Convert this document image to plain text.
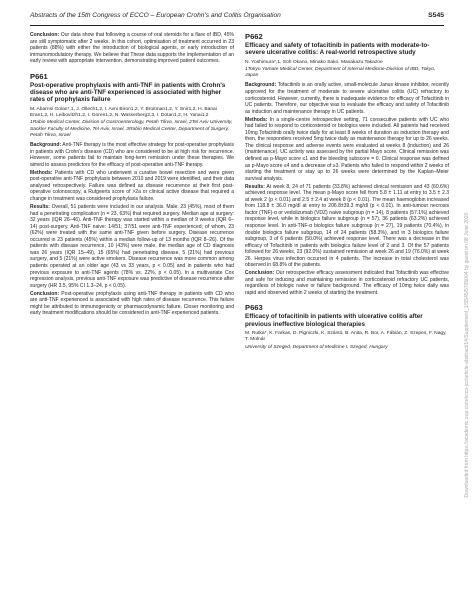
Abstracts of the 15th Congress of ECCO – European Crohn's and Colitis Organisation	S545

Conclusion: Our data show that following a course of oral steroids for a flare of IBD, 45% are still symptomatic after 2 weeks. In this cohort, optimisation of treatment occurred in 23 patients (88%) with either the introduction of biological agents, or early introduction of immunomodulatory therapy. We believe that These data supports the implementation of an early review with appropriate intervention, demonstrating improved patient outcomes.

P661
Post-operative prophylaxis with anti-TNF in patients with Crohn's disease who are anti-TNF experienced is associated with higher rates of prophylaxis failure
M. Abarnsi Golan*,1, J. Ollech1,2, I. Avni Biron1,2, Y. Broitman1,2, Y. Snir1,2, H. Banai Eran1,2, H. Leibovitzh1,2, I. Goren1,2, N. Wasserberg2,3, I. Dotan1,2, H. Yanai1,2
1Rabin Medical Center, Division of Gastroenterology, Petah Tikva, Israel, 2Tel Aviv University, Sackler Faculty of Medicine, Tel Aviv, Israel, 3Rabin Medical Center, Department of Surgery, Petah Tikva, Israel

Background: Anti-TNF therapy is the most effective strategy for post-operative prophylaxis in patients with Crohn's disease (CD) who are considered to be at high risk for recurrence. However, some patients fail to maintain long-term remission under these therapies. We aimed to assess predictors for the efficacy of post-operative anti-TNF therapy.

Methods: Patients with CD who underwent a curative bowel resection and were given post-operative anti-TNF prophylaxis between 2010 and 2019 were identified, and their data analysed retrospectively. Failure was defined as disease recurrence at their first post-operative colonoscopy, a Rutgeerts score of >2a or clinical active disease that required a change in treatment was considered prophylaxis failure.

Results: Overall, 51 patients were included in our analysis. Male: 23 (45%), most of them had a penetrating complication (n = 23, 63%) that required surgery. Median age at surgery: 32 years (IQR 26–46). Anti-TNF therapy was started within a median of 9 weeks (IQR 6–14) post-surgery. Anti-TNF naive: 14/51; 37/51 were anti-TNF experienced; of whom, 23 (62%) were treated with the same anti-TNF given before surgery. Disease recurrence occurred in 23 patients (45%) within a median follow-up of 13 months (IQR 8–26). Of the patients with disease recurrence, 10 (43%) were male, the median age of CD diagnosis was 26 years (IQR 15–49), 15 (65%) had penetrating disease, 5 (21%) had previous surgery, and 5 (21%) were active smokers. Disease recurrence was more common among patients operated at an older age (43 vs 33 years, p < 0.05) and in patients who had previous exposure to anti-TNF agents (78% vs. 22%, p < 0.05). In a multivariate Cox regression analysis, previous anti-TNF exposure was predictive of disease recurrence after surgery (HR 3.5, 95% CI 1.3–24, p < 0.05).

Conclusion: Post-operative prophylaxis using anti-TNF therapy in patients with CD who are anti-TNF experienced is associated with high rates of disease recurrence. This failure might be attributed to immunogenicity or pharmacodynamic failure. Closer monitoring and early treatment modifications should be considered in anti-TNF experienced patients.

P662
Efficacy and safety of tofacitinib in patients with moderate-to-severe ulcerative colitis: A real-world retrospective study
N. Yoshimura*,1, Soh Okano, Minako Sako, Masakazu Takazoe
1Tokyo Yamate Medical Center, Department of Internal Medicine-Division of IBD, Tokyo, Japan

Background: Tofacitinib is an orally active, small-molecule Janus kinase inhibitor, recently approved for the treatment of moderate to severe ulcerative colitis (UC) refractory to corticosteroid. However, currently, there is inadequate evidence for efficacy of Tofacitinib in UC patients. Therefore, our objective was to evaluate the efficacy and safety of Tofacitinib as induction and maintenance therapy in UC patients.

Methods: In a single-centre retrospective setting, 71 consecutive patients with UC who had failed to respond to corticosteroid or biologics were included. All patients had received 10mg Tofacitinib orally twice daily for at least 8 weeks of duration as induction therapy and then, the responders received 5mg twice daily as maintenance therapy for up to 26 weeks. The clinical response and adverse events were evaluated at weeks 8 (induction) and 26 (maintenance). UC activity was assessed by the partial Mayo score. Clinical remission was defined as p-Mayo score ≤1 and the bleeding subscore = 0. Clinical response was defined as p-Mayo score ≤4 and a decrease of ≥3. Patients who failed to respond within 2 weeks of starting the treatment or stay up to 26 weeks were determined by the Kaplan–Meier survival analysis.

Results: At week 8, 24 of 71 patients (33.8%) achieved clinical remission and 43 (60.6%) achieved response level. The mean p-Mayo score fell from 5.8 ± 1.11 at entry to 3.5 ± 2.3 at week 2 (p < 0.01) and 2.5 ± 2.4 at week 8 (p < 0.01). The mean haemoglobin increased from 118.8 ± 36.0 mg/dl at entry to 206.8±39.3 mg/dl (p < 0.01). In anti-tumour necrosis factor (TNF)-α or vedolizumab (VDZ) naive subgroup (n = 14), 8 patients (57.1%) achieved response level, while in biologics failure subgroup (n = 57), 36 patients (63.2%) achieved response level. In anti-TNF-α biologics failure subgroup (n = 27), 19 patients (70.4%), in double biologics failure subgroup, 14 of 24 patients (58.3%), and in 3 biologics failure subgroup, 3 of 6 patients (50.0%) achieved response level. There was a decrease in the efficacy of Tofacitinib in patients with biologics failure level of 2 and 3. Of the 57 patients followed for 26 weeks, 23 (92.0%) sustained remission at week 26 and 19 (76.0%) at week 26. Herpes virus infection occurred in 4 patients. The increase in total cholesterol was observed in 68.8% of the patients.

Conclusion: Our retrospective efficacy assessment indicated that Tofacitinib was effective and safe for inducing and maintaining remission in corticosteroid refractory UC patients, regardless of biologic naive or failure background. The efficacy of 10mg twice daily was rapid and observed within 2 weeks of starting the treatment.

P663
Efficacy of tofacitinib in patients with ulcerative colitis after previous ineffective biological therapies
M. Rutka*, K. Farkas, D. Pigniczki, K. Szántó, B. Anita, R. Bor, A. Fábián, Z. Szepes, F. Nagy, T. Molnár
University of Szeged, Department of Medicine I, Szeged, Hungary	Downloaded from https://academic.oup.com/ecco-jcc/article-abstract/14/Supplement_1/S545/5705004 by guest on 08 June 2020
